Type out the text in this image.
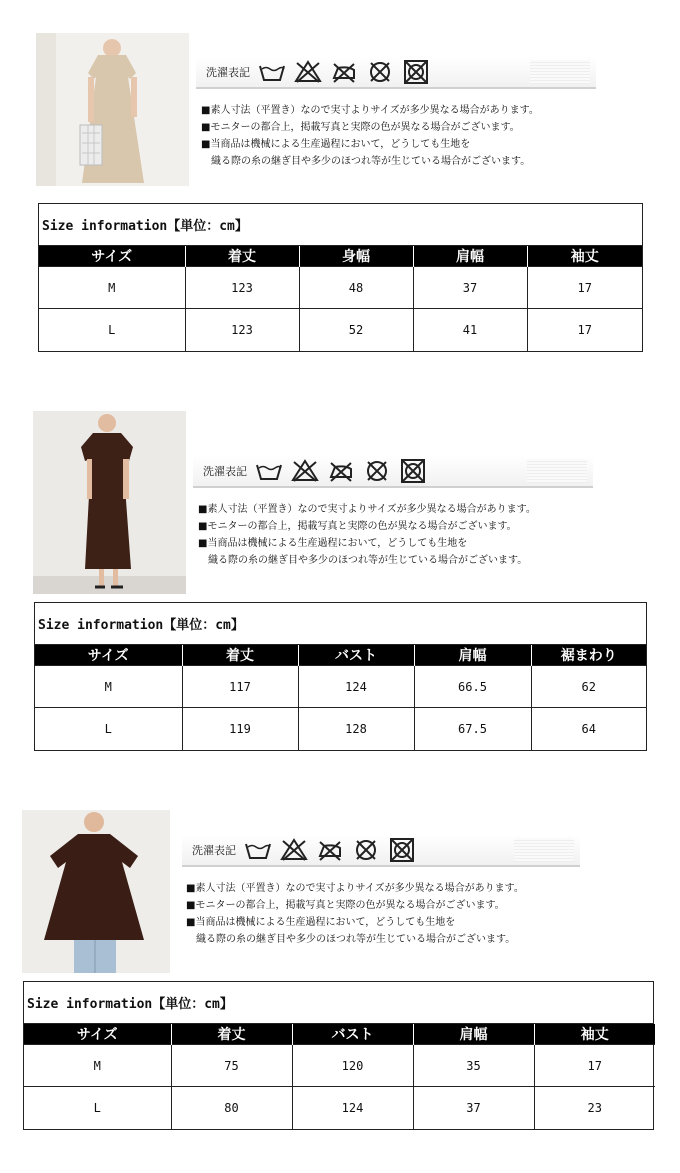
洗濯表記
■素人寸法（平置き）なので実寸よりサイズが多少異なる場合があります。
■モニターの都合上，掲載写真と実際の色が異なる場合がございます。
■当商品は機械による生産過程において，どうしても生地を
　織る際の糸の継ぎ目や多少のほつれ等が生じている場合がございます。
Size information【単位：cm】
サイズ	着丈	身幅	肩幅	袖丈
M	123	48	37	17
L	123	52	41	17
洗濯表記
■素人寸法（平置き）なので実寸よりサイズが多少異なる場合があります。
■モニターの都合上，掲載写真と実際の色が異なる場合がございます。
■当商品は機械による生産過程において，どうしても生地を
　織る際の糸の継ぎ目や多少のほつれ等が生じている場合がございます。
Size information【単位：cm】
サイズ	着丈	バスト	肩幅	裾まわり
M	117	124	66.5	62
L	119	128	67.5	64
洗濯表記
■素人寸法（平置き）なので実寸よりサイズが多少異なる場合があります。
■モニターの都合上，掲載写真と実際の色が異なる場合がございます。
■当商品は機械による生産過程において，どうしても生地を
　織る際の糸の継ぎ目や多少のほつれ等が生じている場合がございます。
Size information【単位：cm】
サイズ	着丈	バスト	肩幅	袖丈
M	75	120	35	17
L	80	124	37	23
